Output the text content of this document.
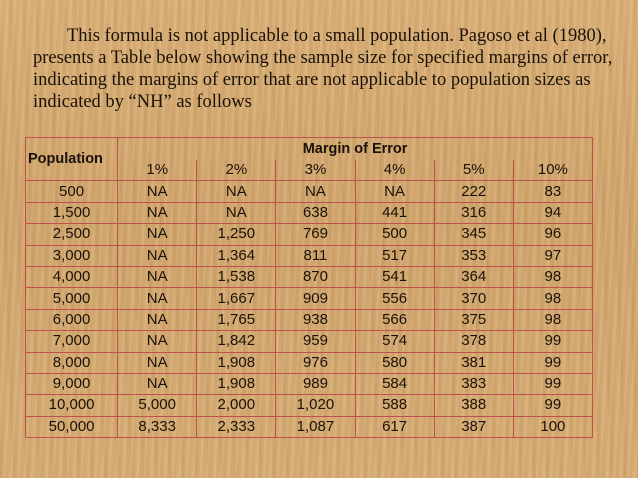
This formula is not applicable to a small population. Pagoso et al (1980), presents a Table below showing the sample size for specified margins of error, indicating the margins of error that are not applicable to population sizes as indicated by “NH” as follows

Population	Margin of Error					
	1%	2%	3%	4%	5%	10%
500	NA	NA	NA	NA	222	83
1,500	NA	NA	638	441	316	94
2,500	NA	1,250	769	500	345	96
3,000	NA	1,364	811	517	353	97
4,000	NA	1,538	870	541	364	98
5,000	NA	1,667	909	556	370	98
6,000	NA	1,765	938	566	375	98
7,000	NA	1,842	959	574	378	99
8,000	NA	1,908	976	580	381	99
9,000	NA	1,908	989	584	383	99
10,000	5,000	2,000	1,020	588	388	99
50,000	8,333	2,333	1,087	617	387	100
